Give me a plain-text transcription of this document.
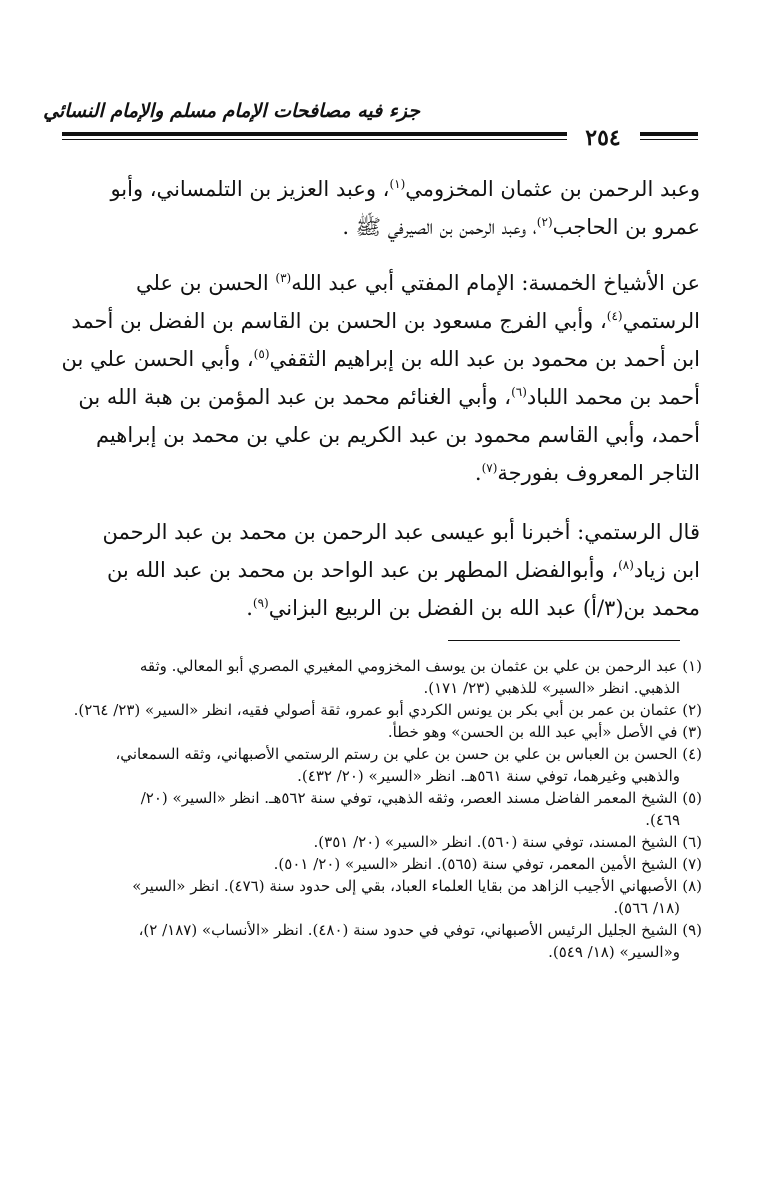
جزء فيه مصافحات الإمام مسلم والإمام النسائي
٢٥٤
وعبد الرحمن بن عثمان المخزومي$^{(١)}$، وعبد العزيز بن التلمساني، وأبو
عمرو بن الحاجب$^{(٢)}$، وعبد الرحمن بن الصيرفي ﷺ .
عن الأشياخ الخمسة: الإمام المفتي أبي عبد الله$^{(٣)}$ الحسن بن علي
الرستمي$^{(٤)}$، وأبي الفرج مسعود بن الحسن بن القاسم بن الفضل بن أحمد
ابن أحمد بن محمود بن عبد الله بن إبراهيم الثقفي$^{(٥)}$، وأبي الحسن علي بن
أحمد بن محمد اللباد$^{(٦)}$، وأبي الغنائم محمد بن عبد المؤمن بن هبة الله بن
أحمد، وأبي القاسم محمود بن عبد الكريم بن علي بن محمد بن إبراهيم
التاجر المعروف بفورجة$^{(٧)}$.
قال الرستمي: أخبرنا أبو عيسى عبد الرحمن بن محمد بن عبد الرحمن
ابن زياد$^{(٨)}$، وأبوالفضل المطهر بن عبد الواحد بن محمد بن عبد الله بن
محمد بن(٣/أ) عبد الله بن الفضل بن الربيع البزاني$^{(٩)}$.
(١) عبد الرحمن بن علي بن عثمان بن يوسف المخزومي المغيري المصري أبو المعالي. وثقه
الذهبي. انظر «السير» للذهبي (٢٣/ ١٧١).
(٢) عثمان بن عمر بن أبي بكر بن يونس الكردي أبو عمرو، ثقة أصولي فقيه، انظر «السير» (٢٣/ ٢٦٤).
(٣) في الأصل «أبي عبد الله بن الحسن» وهو خطأ.
(٤) الحسن بن العباس بن علي بن حسن بن علي بن رستم الرستمي الأصبهاني، وثقه السمعاني،
والذهبي وغيرهما، توفي سنة ٥٦١هـ. انظر «السير» (٢٠/ ٤٣٢).
(٥) الشيخ المعمر الفاضل مسند العصر، وثقه الذهبي، توفي سنة ٥٦٢هـ. انظر «السير» (٢٠/
٤٦٩).
(٦) الشيخ المسند، توفي سنة (٥٦٠). انظر «السير» (٢٠/ ٣٥١).
(٧) الشيخ الأمين المعمر، توفي سنة (٥٦٥). انظر «السير» (٢٠/ ٥٠١).
(٨) الأصبهاني الأجيب الزاهد من بقايا العلماء العباد، بقي إلى حدود سنة (٤٧٦). انظر «السير»
(١٨/ ٥٦٦).
(٩) الشيخ الجليل الرئيس الأصبهاني، توفي في حدود سنة (٤٨٠). انظر «الأنساب» (١٨٧/ ٢)،
و«السير» (١٨/ ٥٤٩).
